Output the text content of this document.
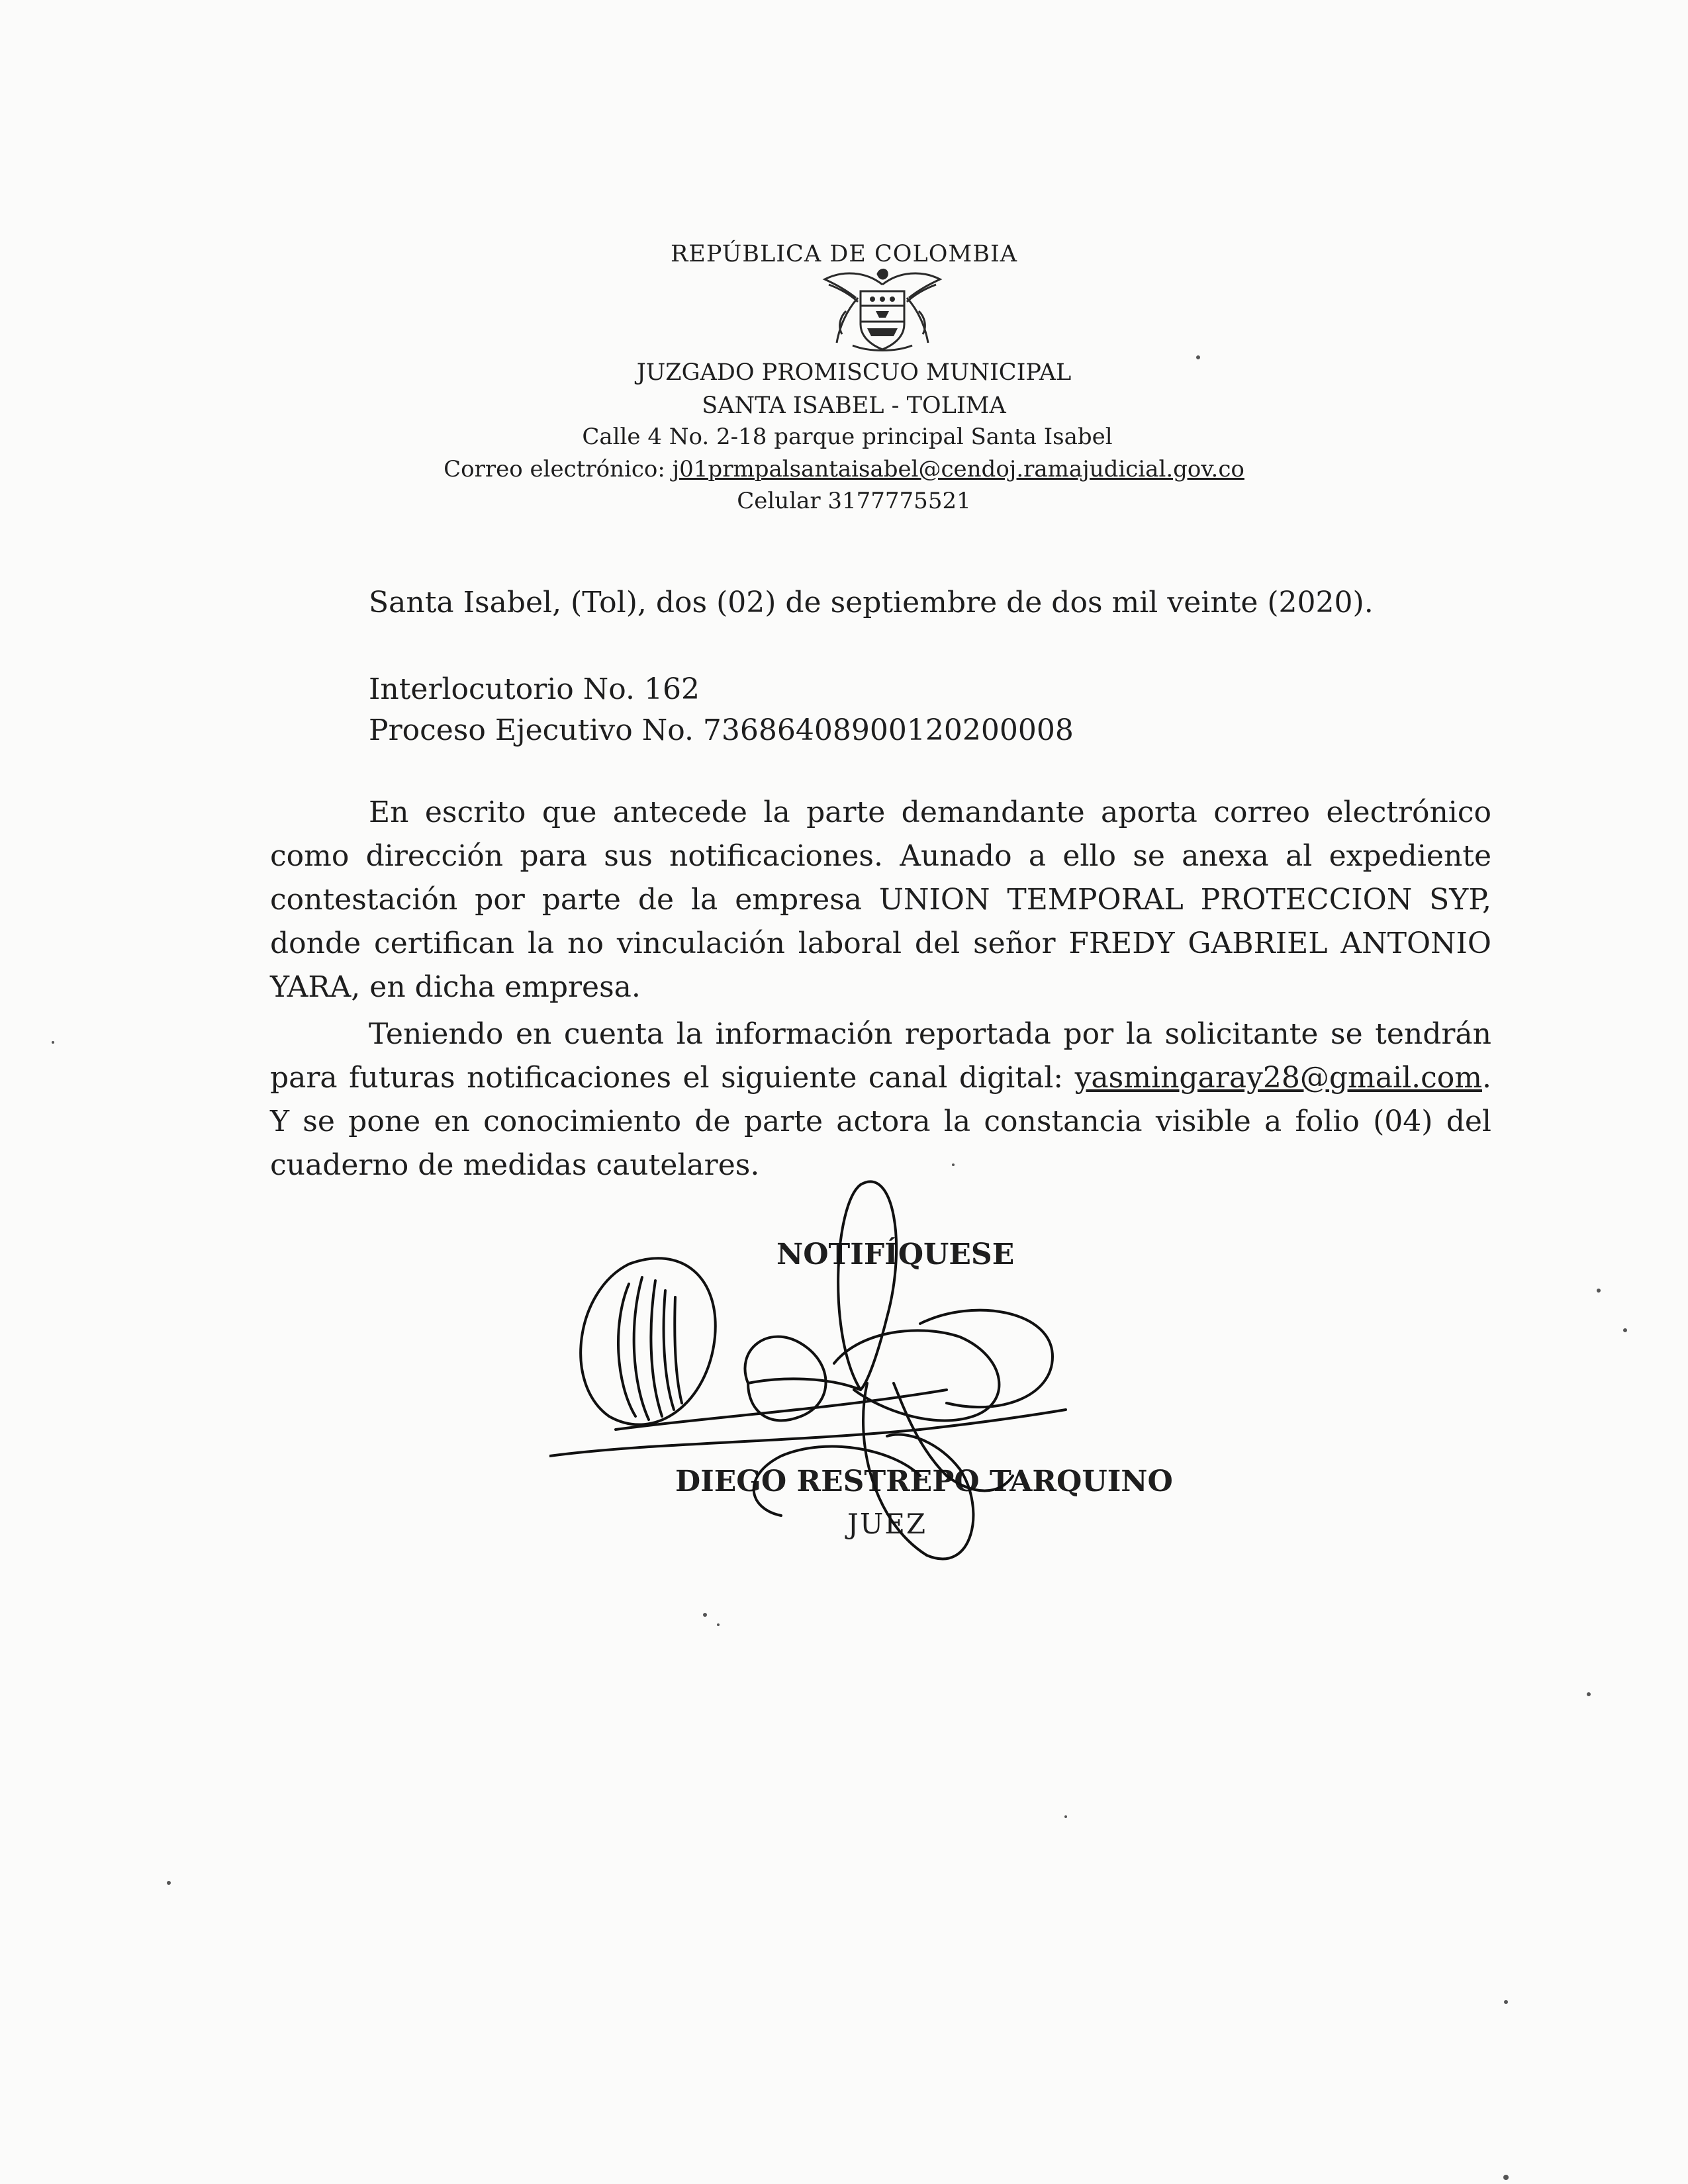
REPÚBLICA DE COLOMBIA
JUZGADO PROMISCUO MUNICIPAL
SANTA ISABEL - TOLIMA
Calle 4 No. 2-18 parque principal Santa Isabel
Correo electrónico: j01prmpalsantaisabel@cendoj.ramajudicial.gov.co
Celular 3177775521
Santa Isabel, (Tol), dos (02) de septiembre de dos mil veinte (2020).
Interlocutorio No. 162
Proceso Ejecutivo No. 73686408900120200008
En escrito que antecede la parte demandante aporta correo electrónico como dirección para sus notificaciones. Aunado a ello se anexa al expediente contestación por parte de la empresa UNION TEMPORAL PROTECCION SYP, donde certifican la no vinculación laboral del señor FREDY GABRIEL ANTONIO YARA, en dicha empresa.
Teniendo en cuenta la información reportada por la solicitante se tendrán para futuras notificaciones el siguiente canal digital: yasmingaray28@gmail.com. Y se pone en conocimiento de parte actora la constancia visible a folio (04) del cuaderno de medidas cautelares.
NOTIFÍQUESE
DIEGO RESTREPO TARQUINO
JUEZ
